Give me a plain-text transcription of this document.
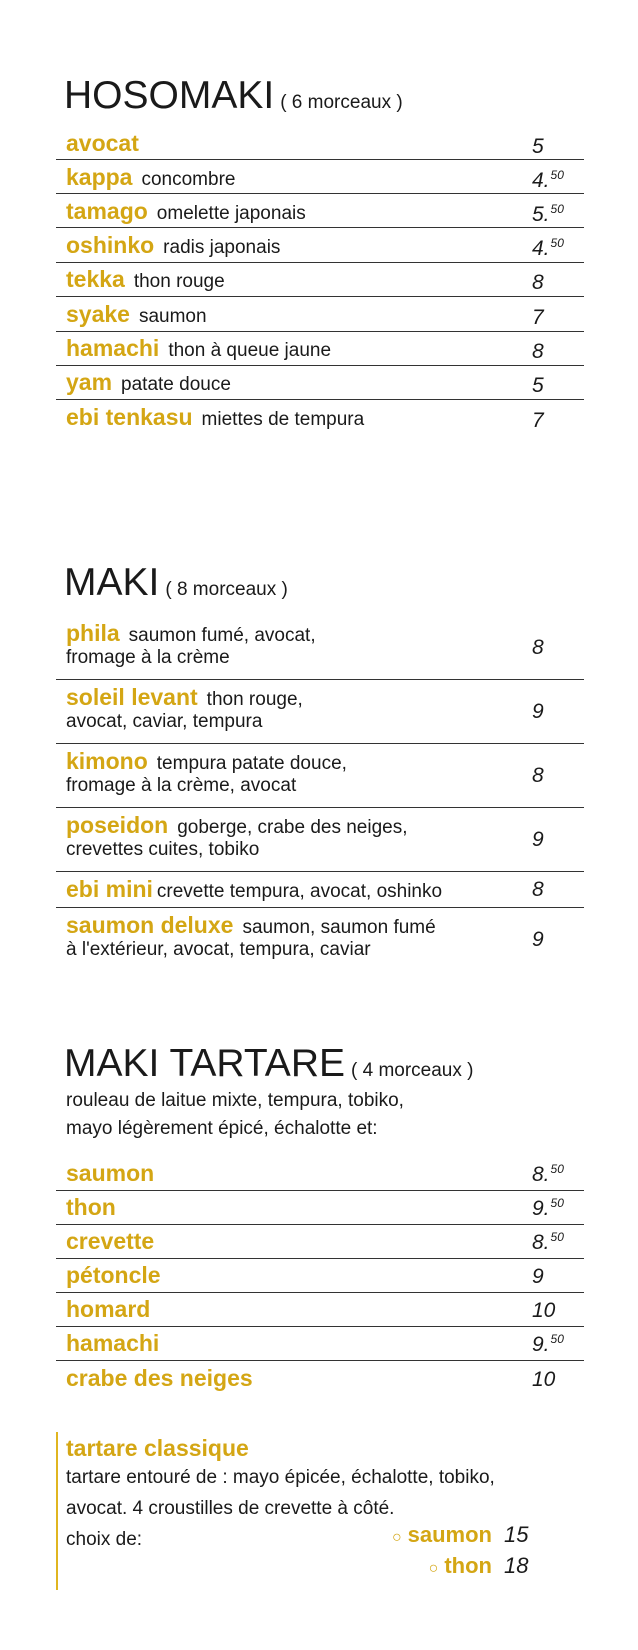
HOSOMAKI ( 6 morceaux )
avocat	5
kappa concombre	4.50
tamago omelette japonais	5.50
oshinko radis japonais	4.50
tekka thon rouge	8
syake saumon	7
hamachi thon à queue jaune	8
yam patate douce	5
ebi tenkasu miettes de tempura	7
MAKI ( 8 morceaux )
phila saumon fumé, avocat,
fromage à la crème	8
soleil levant thon rouge,
avocat, caviar, tempura	9
kimono tempura patate douce,
fromage à la crème, avocat	8
poseidon goberge, crabe des neiges,
crevettes cuites, tobiko	9
ebi mini crevette tempura, avocat, oshinko	8
saumon deluxe saumon, saumon fumé
à l'extérieur, avocat, tempura, caviar	9
MAKI TARTARE ( 4 morceaux )
rouleau de laitue mixte, tempura, tobiko,
mayo légèrement épicé, échalotte et:
saumon	8.50
thon	9.50
crevette	8.50
pétoncle	9
homard	10
hamachi	9.50
crabe des neiges	10
tartare classique
tartare entouré de : mayo épicée, échalotte, tobiko,
avocat. 4 croustilles de crevette à côté.
choix de:	○ saumon 15
○ thon 18
